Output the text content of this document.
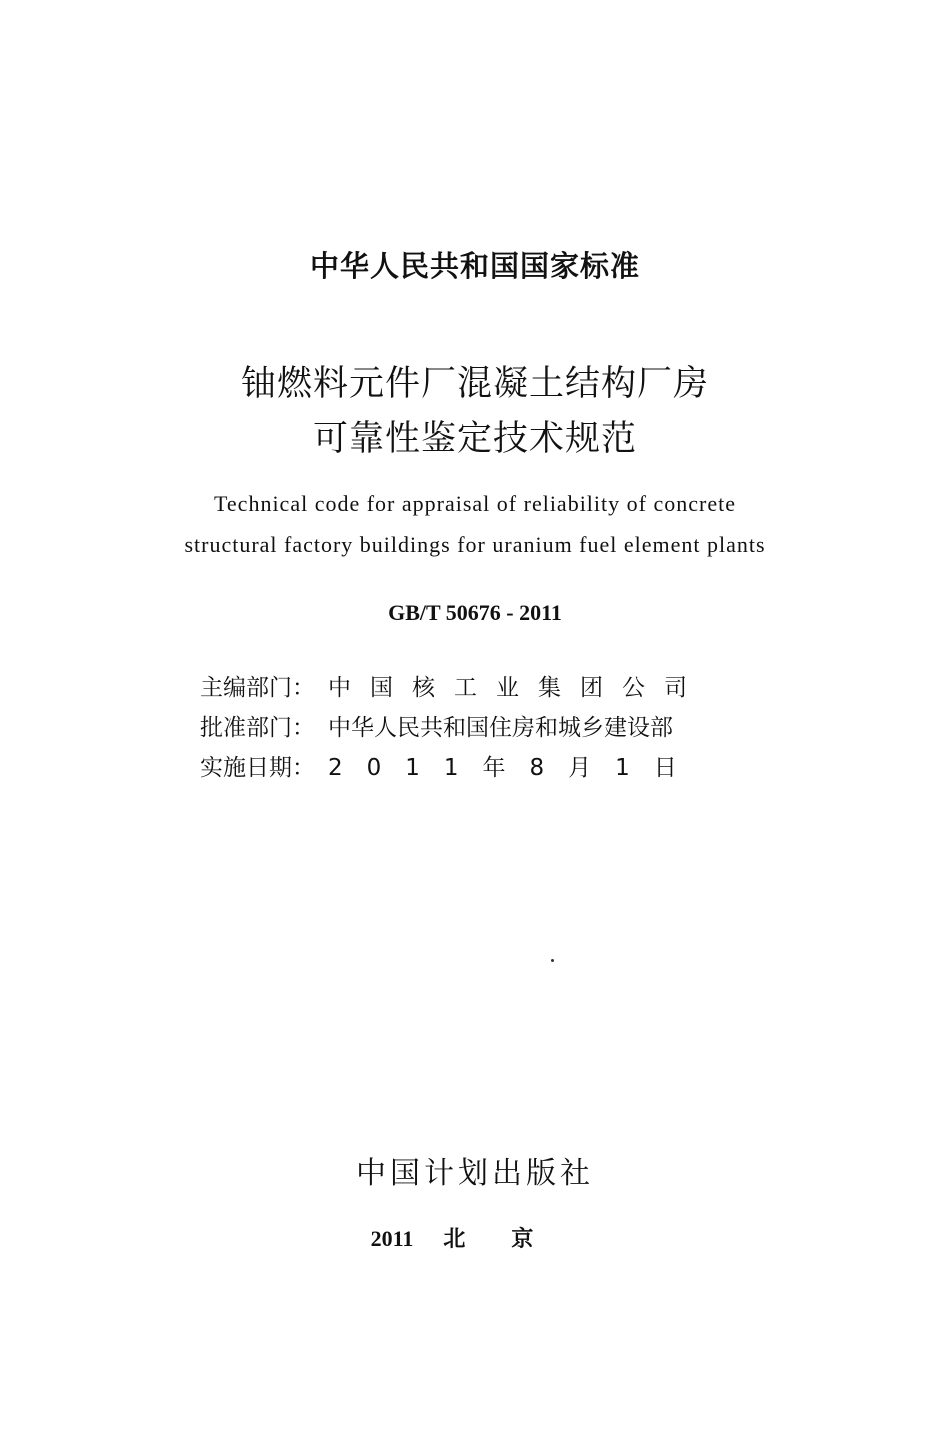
中华人民共和国国家标准
铀燃料元件厂混凝土结构厂房
可靠性鉴定技术规范
Technical code for appraisal of reliability of concrete
structural factory buildings for uranium fuel element plants
GB/T 50676 - 2011
主编部门： 中国核工业集团公司
批准部门： 中华人民共和国住房和城乡建设部
实施日期： 2011年8月1日
中国计划出版社
2011 北京
